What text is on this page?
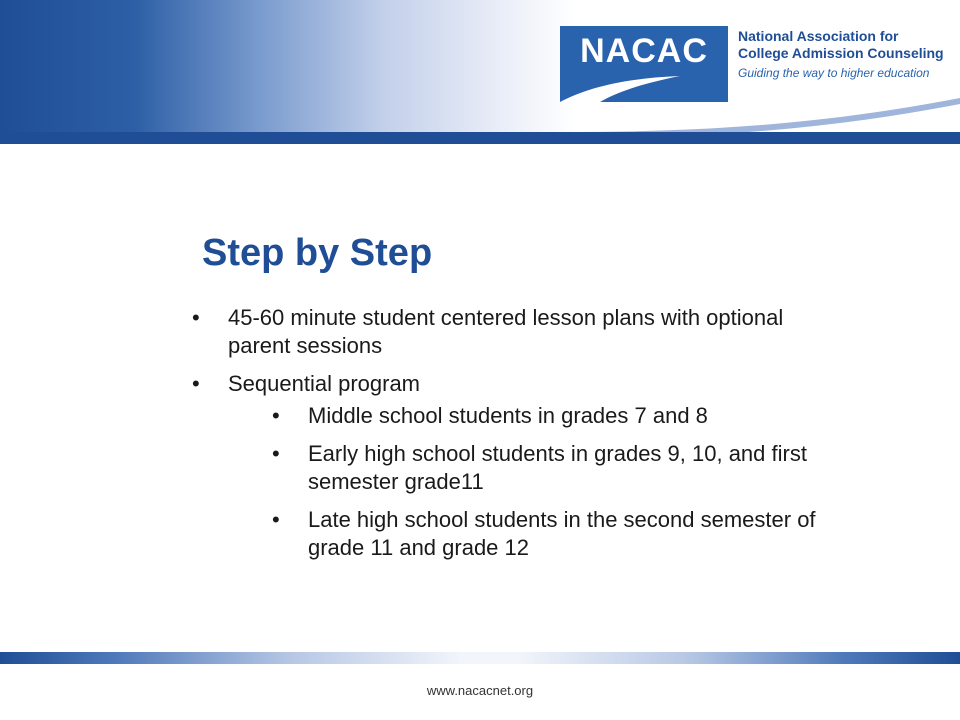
NACAC	National Association for
College Admission Counseling
Guiding the way to higher education
Step by Step
• 45-60 minute student centered lesson plans with optional parent sessions
• Sequential program
• Middle school students in grades 7 and 8
• Early high school students in grades 9, 10, and first semester grade11
• Late high school students in the second semester of grade 11 and grade 12
www.nacacnet.org
